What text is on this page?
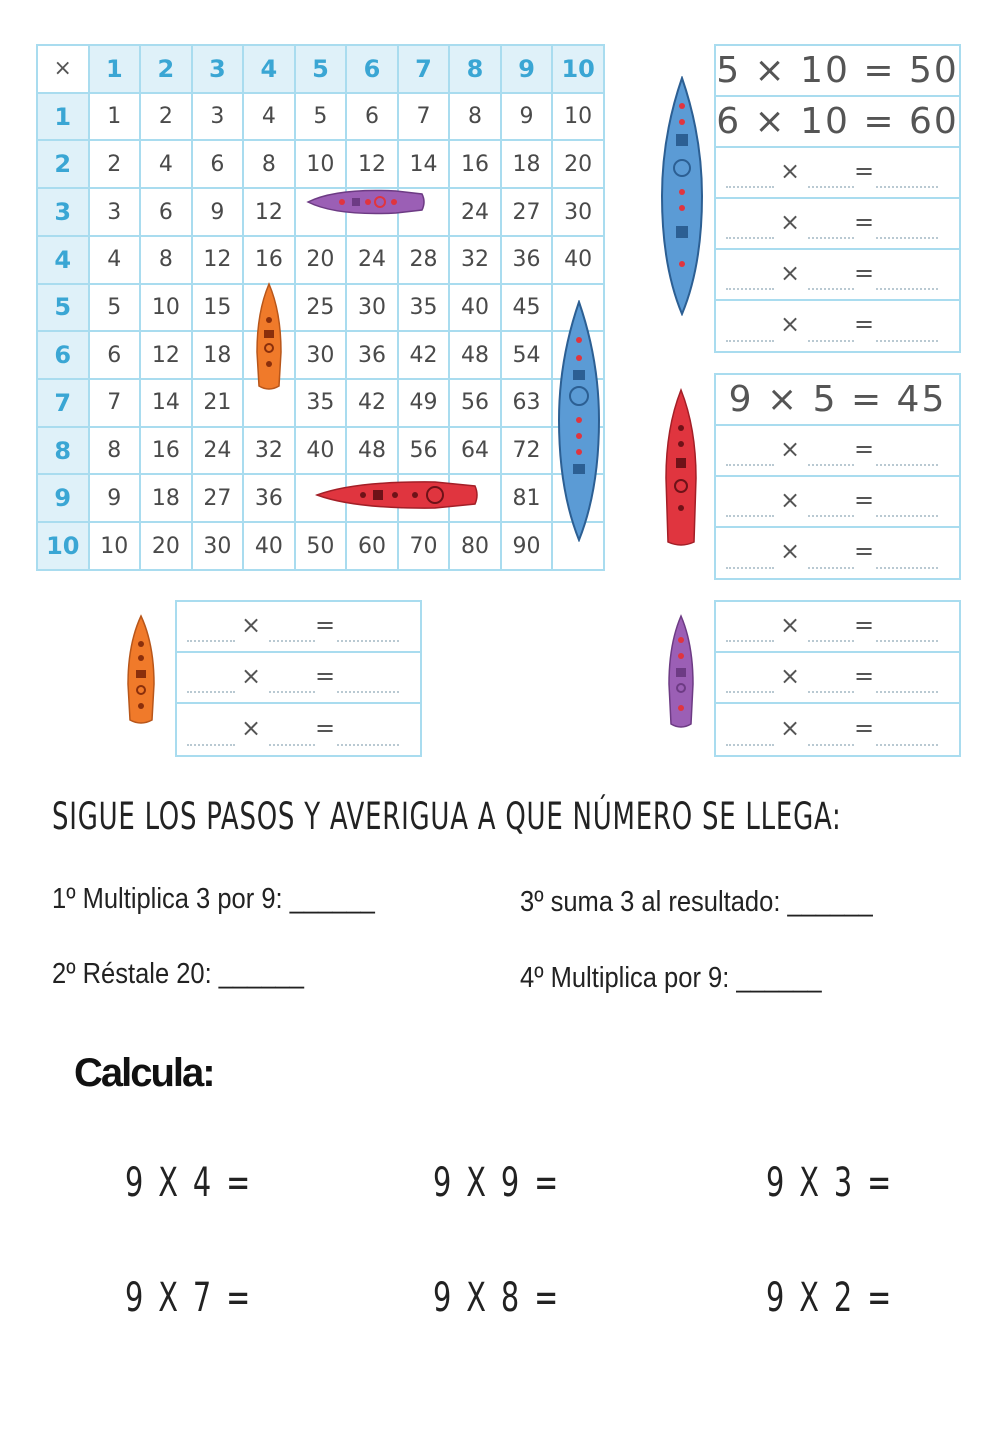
×	1	2	3	4	5	6	7	8	9	10
1	1	2	3	4	5	6	7	8	9	10
2	2	4	6	8	10	12	14	16	18	20
3	3	6	9	12				24	27	30
4	4	8	12	16	20	24	28	32	36	40
5	5	10	15		25	30	35	40	45	
6	6	12	18		30	36	42	48	54	
7	7	14	21		35	42	49	56	63	
8	8	16	24	32	40	48	56	64	72	
9	9	18	27	36					81	
10	10	20	30	40	50	60	70	80	90	
5 × 10 = 50
6 × 10 = 60
× =
× =
× =
× =
9 × 5 = 45
× =
× =
× =
× =
× =
× =
× =
× =
× =
SIGUE LOS PASOS Y AVERIGUA A QUE NÚMERO SE LLEGA:
1º Multiplica 3 por 9: ______
2º Réstale 20: ______
3º suma 3 al resultado: ______
4º Multiplica por 9: ______
Calcula:
9 X 4 =	9 X 9 =	9 X 3 =
9 X 7 =	9 X 8 =	9 X 2 =
